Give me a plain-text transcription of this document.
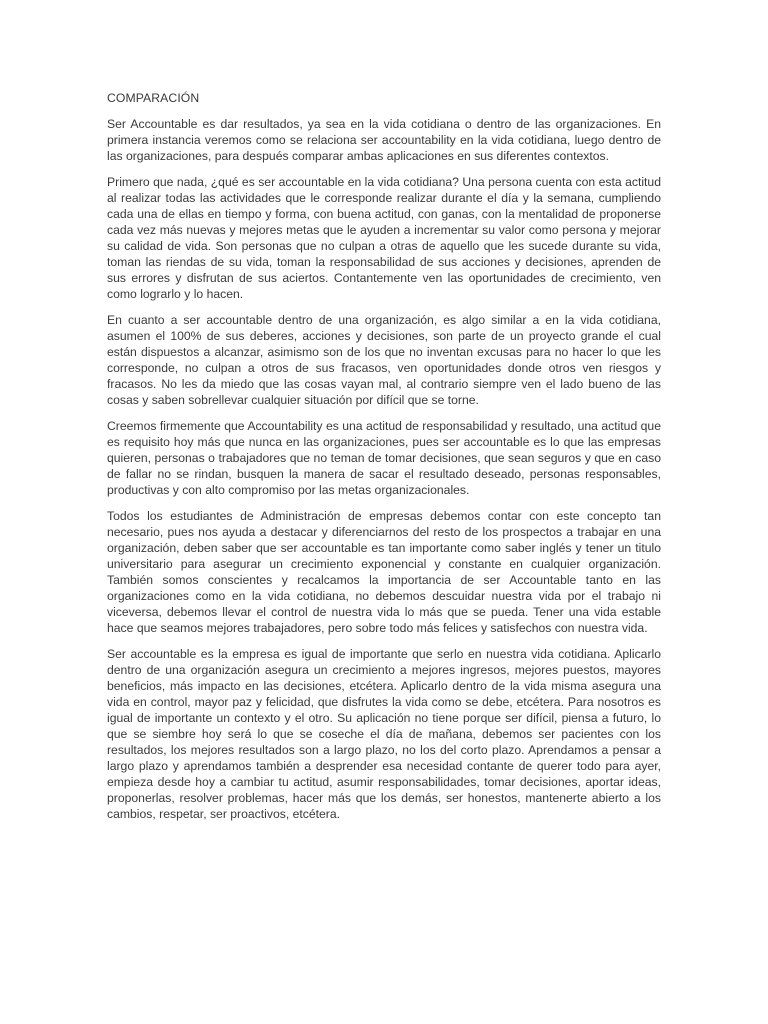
COMPARACIÓN

Ser Accountable es dar resultados, ya sea en la vida cotidiana o dentro de las organizaciones. En primera instancia veremos como se relaciona ser accountability en la vida cotidiana, luego dentro de las organizaciones, para después comparar ambas aplicaciones en sus diferentes contextos.

Primero que nada, ¿qué es ser accountable en la vida cotidiana? Una persona cuenta con esta actitud al realizar todas las actividades que le corresponde realizar durante el día y la semana, cumpliendo cada una de ellas en tiempo y forma, con buena actitud, con ganas, con la mentalidad de proponerse cada vez más nuevas y mejores metas que le ayuden a incrementar su valor como persona y mejorar su calidad de vida. Son personas que no culpan a otras de aquello que les sucede durante su vida, toman las riendas de su vida, toman la responsabilidad de sus acciones y decisiones, aprenden de sus errores y disfrutan de sus aciertos. Contantemente ven las oportunidades de crecimiento, ven como lograrlo y lo hacen.

En cuanto a ser accountable dentro de una organización, es algo similar a en la vida cotidiana, asumen el 100% de sus deberes, acciones y decisiones, son parte de un proyecto grande el cual están dispuestos a alcanzar, asimismo son de los que no inventan excusas para no hacer lo que les corresponde, no culpan a otros de sus fracasos, ven oportunidades donde otros ven riesgos y fracasos. No les da miedo que las cosas vayan mal, al contrario siempre ven el lado bueno de las cosas y saben sobrellevar cualquier situación por difícil que se torne.

Creemos firmemente que Accountability es una actitud de responsabilidad y resultado, una actitud que es requisito hoy más que nunca en las organizaciones, pues ser accountable es lo que las empresas quieren, personas o trabajadores que no teman de tomar decisiones, que sean seguros y que en caso de fallar no se rindan, busquen la manera de sacar el resultado deseado, personas responsables, productivas y con alto compromiso por las metas organizacionales.

Todos los estudiantes de Administración de empresas debemos contar con este concepto tan necesario, pues nos ayuda a destacar y diferenciarnos del resto de los prospectos a trabajar en una organización, deben saber que ser accountable es tan importante como saber inglés y tener un titulo universitario para asegurar un crecimiento exponencial y constante en cualquier organización. También somos conscientes y recalcamos la importancia de ser Accountable tanto en las organizaciones como en la vida cotidiana, no debemos descuidar nuestra vida por el trabajo ni viceversa, debemos llevar el control de nuestra vida lo más que se pueda. Tener una vida estable hace que seamos mejores trabajadores, pero sobre todo más felices y satisfechos con nuestra vida.

Ser accountable es la empresa es igual de importante que serlo en nuestra vida cotidiana. Aplicarlo dentro de una organización asegura un crecimiento a mejores ingresos, mejores puestos, mayores beneficios, más impacto en las decisiones, etcétera. Aplicarlo dentro de la vida misma asegura una vida en control, mayor paz y felicidad, que disfrutes la vida como se debe, etcétera. Para nosotros es igual de importante un contexto y el otro. Su aplicación no tiene porque ser difícil, piensa a futuro, lo que se siembre hoy será lo que se coseche el día de mañana, debemos ser pacientes con los resultados, los mejores resultados son a largo plazo, no los del corto plazo. Aprendamos a pensar a largo plazo y aprendamos también a desprender esa necesidad contante de querer todo para ayer, empieza desde hoy a cambiar tu actitud, asumir responsabilidades, tomar decisiones, aportar ideas, proponerlas, resolver problemas, hacer más que los demás, ser honestos, mantenerte abierto a los cambios, respetar, ser proactivos, etcétera.
